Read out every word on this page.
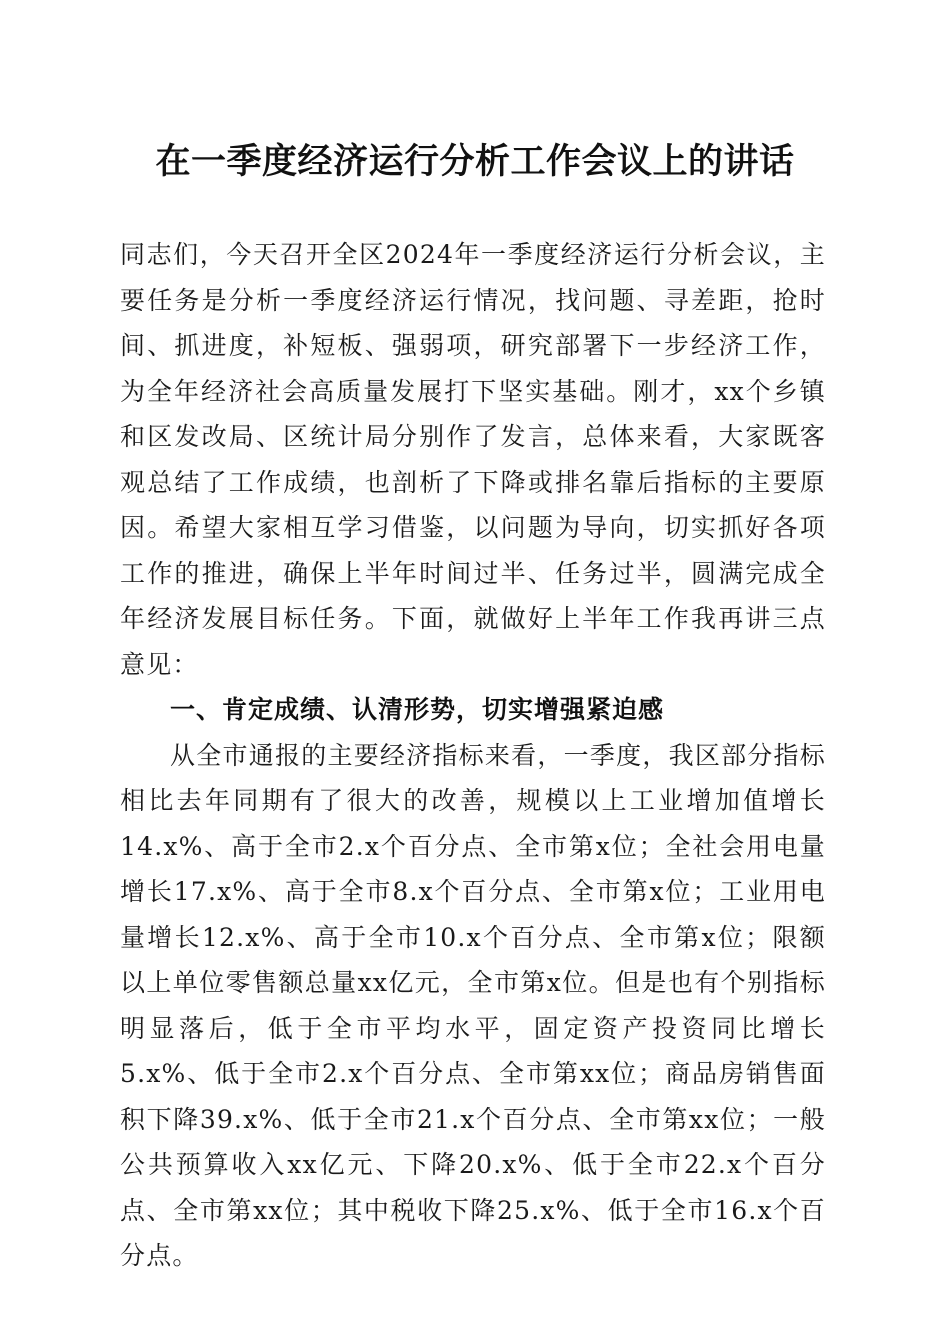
在一季度经济运行分析工作会议上的讲话

同志们，今天召开全区2024年一季度经济运行分析会议，主要任务是分析一季度经济运行情况，找问题、寻差距，抢时间、抓进度，补短板、强弱项，研究部署下一步经济工作，为全年经济社会高质量发展打下坚实基础。刚才，xx个乡镇和区发改局、区统计局分别作了发言，总体来看，大家既客观总结了工作成绩，也剖析了下降或排名靠后指标的主要原因。希望大家相互学习借鉴，以问题为导向，切实抓好各项工作的推进，确保上半年时间过半、任务过半，圆满完成全年经济发展目标任务。下面，就做好上半年工作我再讲三点意见：

一、肯定成绩、认清形势，切实增强紧迫感

从全市通报的主要经济指标来看，一季度，我区部分指标相比去年同期有了很大的改善，规模以上工业增加值增长14.x%、高于全市2.x个百分点、全市第x位；全社会用电量增长17.x%、高于全市8.x个百分点、全市第x位；工业用电量增长12.x%、高于全市10.x个百分点、全市第x位；限额以上单位零售额总量xx亿元，全市第x位。但是也有个别指标明显落后，低于全市平均水平，固定资产投资同比增长5.x%、低于全市2.x个百分点、全市第xx位；商品房销售面积下降39.x%、低于全市21.x个百分点、全市第xx位；一般公共预算收入xx亿元、下降20.x%、低于全市22.x个百分点、全市第xx位；其中税收下降25.x%、低于全市16.x个百分点。
